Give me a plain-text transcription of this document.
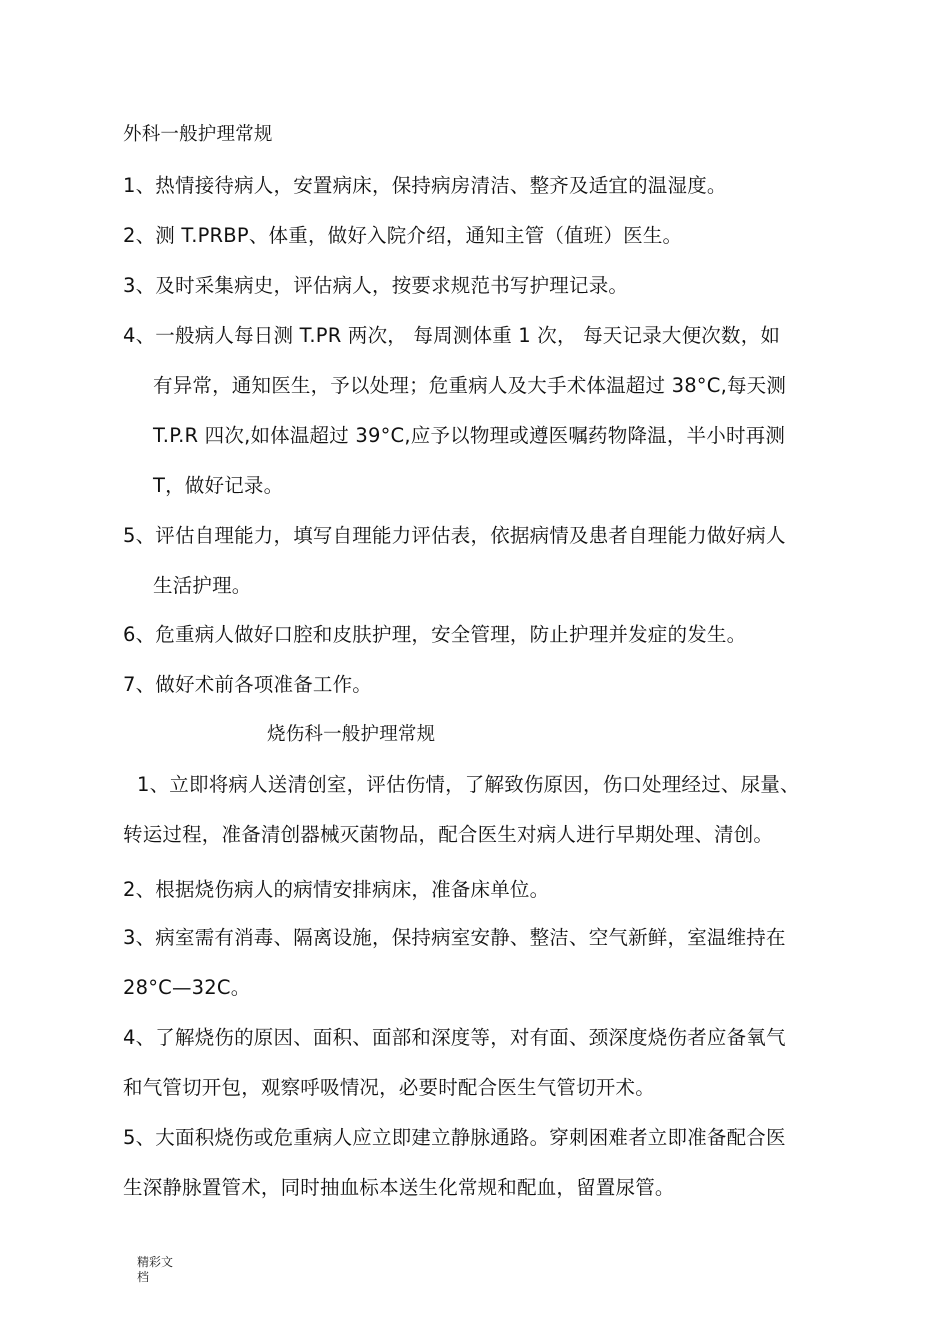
外科一般护理常规
1、热情接待病人，安置病床，保持病房清洁、整齐及适宜的温湿度。
2、测 T.PRBP、体重，做好入院介绍，通知主管（值班）医生。
3、及时采集病史，评估病人，按要求规范书写护理记录。
4、一般病人每日测 T.PR 两次， 每周测体重 1 次， 每天记录大便次数，如
有异常，通知医生，予以处理；危重病人及大手术体温超过 38°C,每天测
T.P.R 四次,如体温超过 39°C,应予以物理或遵医嘱药物降温，半小时再测
T，做好记录。
5、评估自理能力，填写自理能力评估表，依据病情及患者自理能力做好病人
生活护理。
6、危重病人做好口腔和皮肤护理，安全管理，防止护理并发症的发生。
7、做好术前各项准备工作。
烧伤科一般护理常规
1、立即将病人送清创室，评估伤情，了解致伤原因，伤口处理经过、尿量、
转运过程，准备清创器械灭菌物品，配合医生对病人进行早期处理、清创。
2、根据烧伤病人的病情安排病床，准备床单位。
3、病室需有消毒、隔离设施，保持病室安静、整洁、空气新鲜，室温维持在
28°C—32C。
4、了解烧伤的原因、面积、面部和深度等，对有面、颈深度烧伤者应备氧气
和气管切开包，观察呼吸情况，必要时配合医生气管切开术。
5、大面积烧伤或危重病人应立即建立静脉通路。穿刺困难者立即准备配合医
生深静脉置管术，同时抽血标本送生化常规和配血，留置尿管。
精彩文
档
